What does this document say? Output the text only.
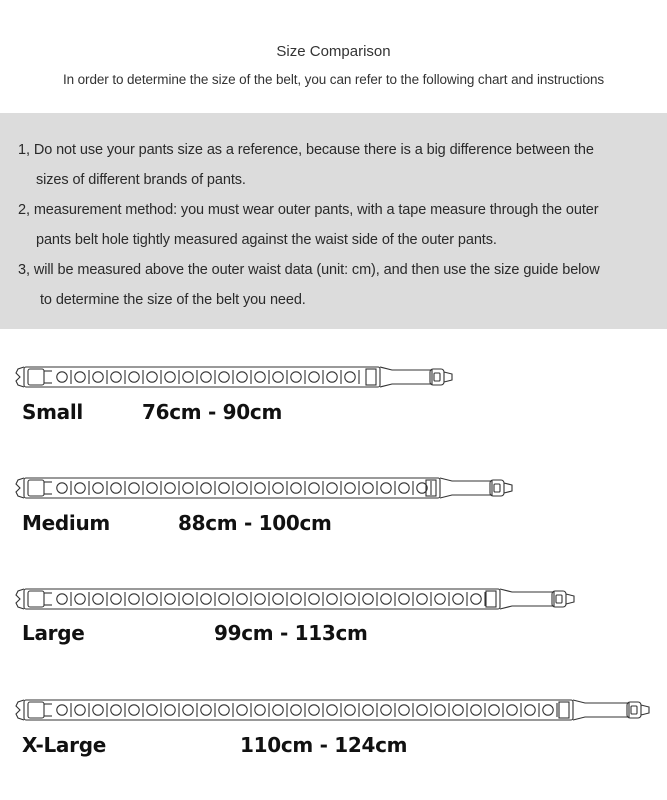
Size Comparison
In order to determine the size of the belt, you can refer to the following chart and instructions
1, Do not use your pants size as a reference, because there is a big difference between the
sizes of different brands of pants.
2, measurement method: you must wear outer pants, with a tape measure through the outer
pants belt hole tightly measured against the waist side of the outer pants.
3, will be measured above the outer waist data (unit: cm), and then use the size guide below
to determine the size of the belt you need.
Small	76cm - 90cm
Medium	88cm - 100cm
Large	99cm - 113cm
X-Large	110cm - 124cm
